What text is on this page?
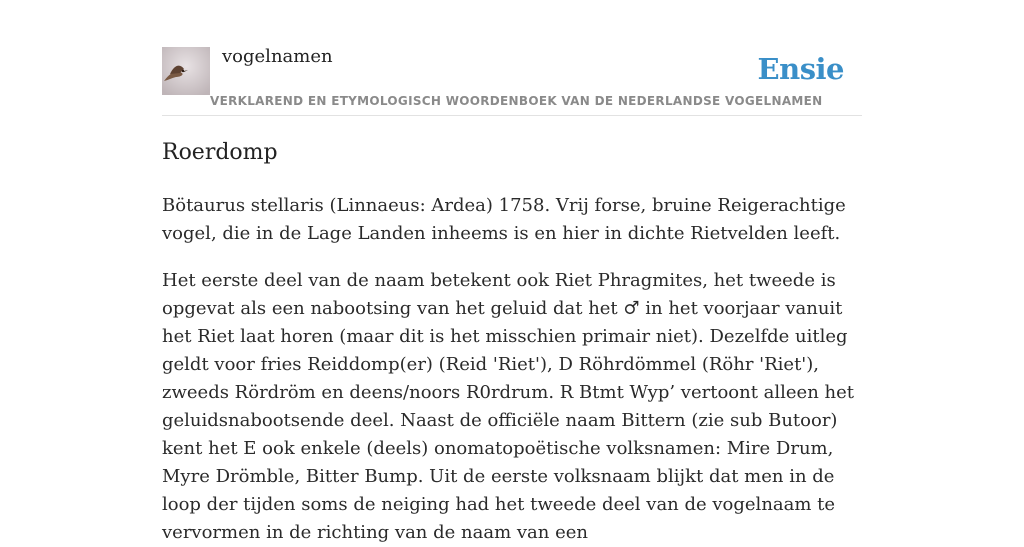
vogelnamen	Ensie
VERKLAREND EN ETYMOLOGISCH WOORDENBOEK VAN DE NEDERLANDSE VOGELNAMEN
Roerdomp

Bötaurus stellaris (Linnaeus: Ardea) 1758. Vrij forse, bruine Reigerachtige vogel, die in de Lage Landen inheems is en hier in dichte Rietvelden leeft.

Het eerste deel van de naam betekent ook Riet Phragmites, het tweede is opgevat als een nabootsing van het geluid dat het ♂ in het voorjaar vanuit het Riet laat horen (maar dit is het misschien primair niet). Dezelfde uitleg geldt voor fries Reiddomp(er) (Reid 'Riet'), D Röhrdömmel (Röhr 'Riet'), zweeds Rördröm en deens/noors R0rdrum. R Btmt Wyp’ vertoont alleen het geluidsnabootsende deel. Naast de officiële naam Bittern (zie sub Butoor) kent het E ook enkele (deels) onomatopoëtische volksnamen: Mire Drum, Myre Drömble, Bitter Bump. Uit de eerste volksnaam blijkt dat men in de loop der tijden soms de neiging had het tweede deel van de vogelnaam te vervormen in de richting van de naam van een
